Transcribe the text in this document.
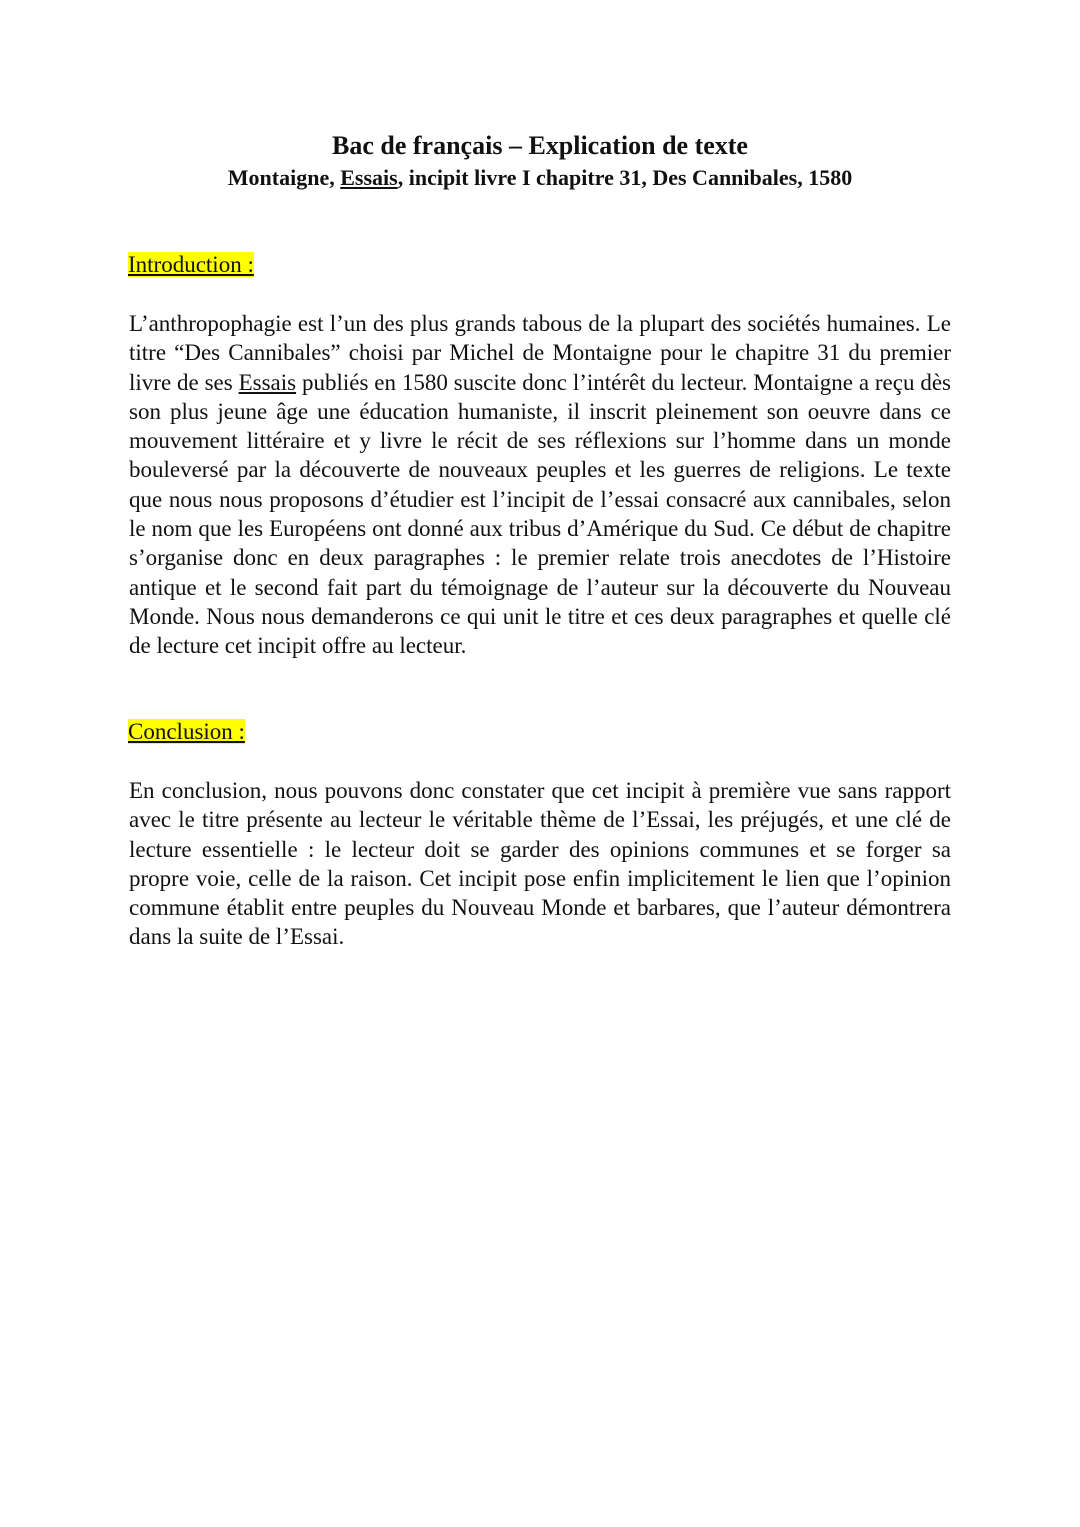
Bac de français – Explication de texte
Montaigne, Essais, incipit livre I chapitre 31, Des Cannibales, 1580

Introduction :

L’anthropophagie est l’un des plus grands tabous de la plupart des sociétés humaines. Le titre “Des Cannibales” choisi par Michel de Montaigne pour le chapitre 31 du premier livre de ses Essais publiés en 1580 suscite donc l’intérêt du lecteur. Montaigne a reçu dès son plus jeune âge une éducation humaniste, il inscrit pleinement son oeuvre dans ce mouvement littéraire et y livre le récit de ses réflexions sur l’homme dans un monde bouleversé par la découverte de nouveaux peuples et les guerres de religions. Le texte que nous nous proposons d’étudier est l’incipit de l’essai consacré aux cannibales, selon le nom que les Européens ont donné aux tribus d’Amérique du Sud. Ce début de chapitre s’organise donc en deux paragraphes : le premier relate trois anecdotes de l’Histoire antique et le second fait part du témoignage de l’auteur sur la découverte du Nouveau Monde. Nous nous demanderons ce qui unit le titre et ces deux paragraphes et quelle clé de lecture cet incipit offre au lecteur.

Conclusion :

En conclusion, nous pouvons donc constater que cet incipit à première vue sans rapport avec le titre présente au lecteur le véritable thème de l’Essai, les préjugés, et une clé de lecture essentielle : le lecteur doit se garder des opinions communes et se forger sa propre voie, celle de la raison. Cet incipit pose enfin implicitement le lien que l’opinion commune établit entre peuples du Nouveau Monde et barbares, que l’auteur démontrera dans la suite de l’Essai.
